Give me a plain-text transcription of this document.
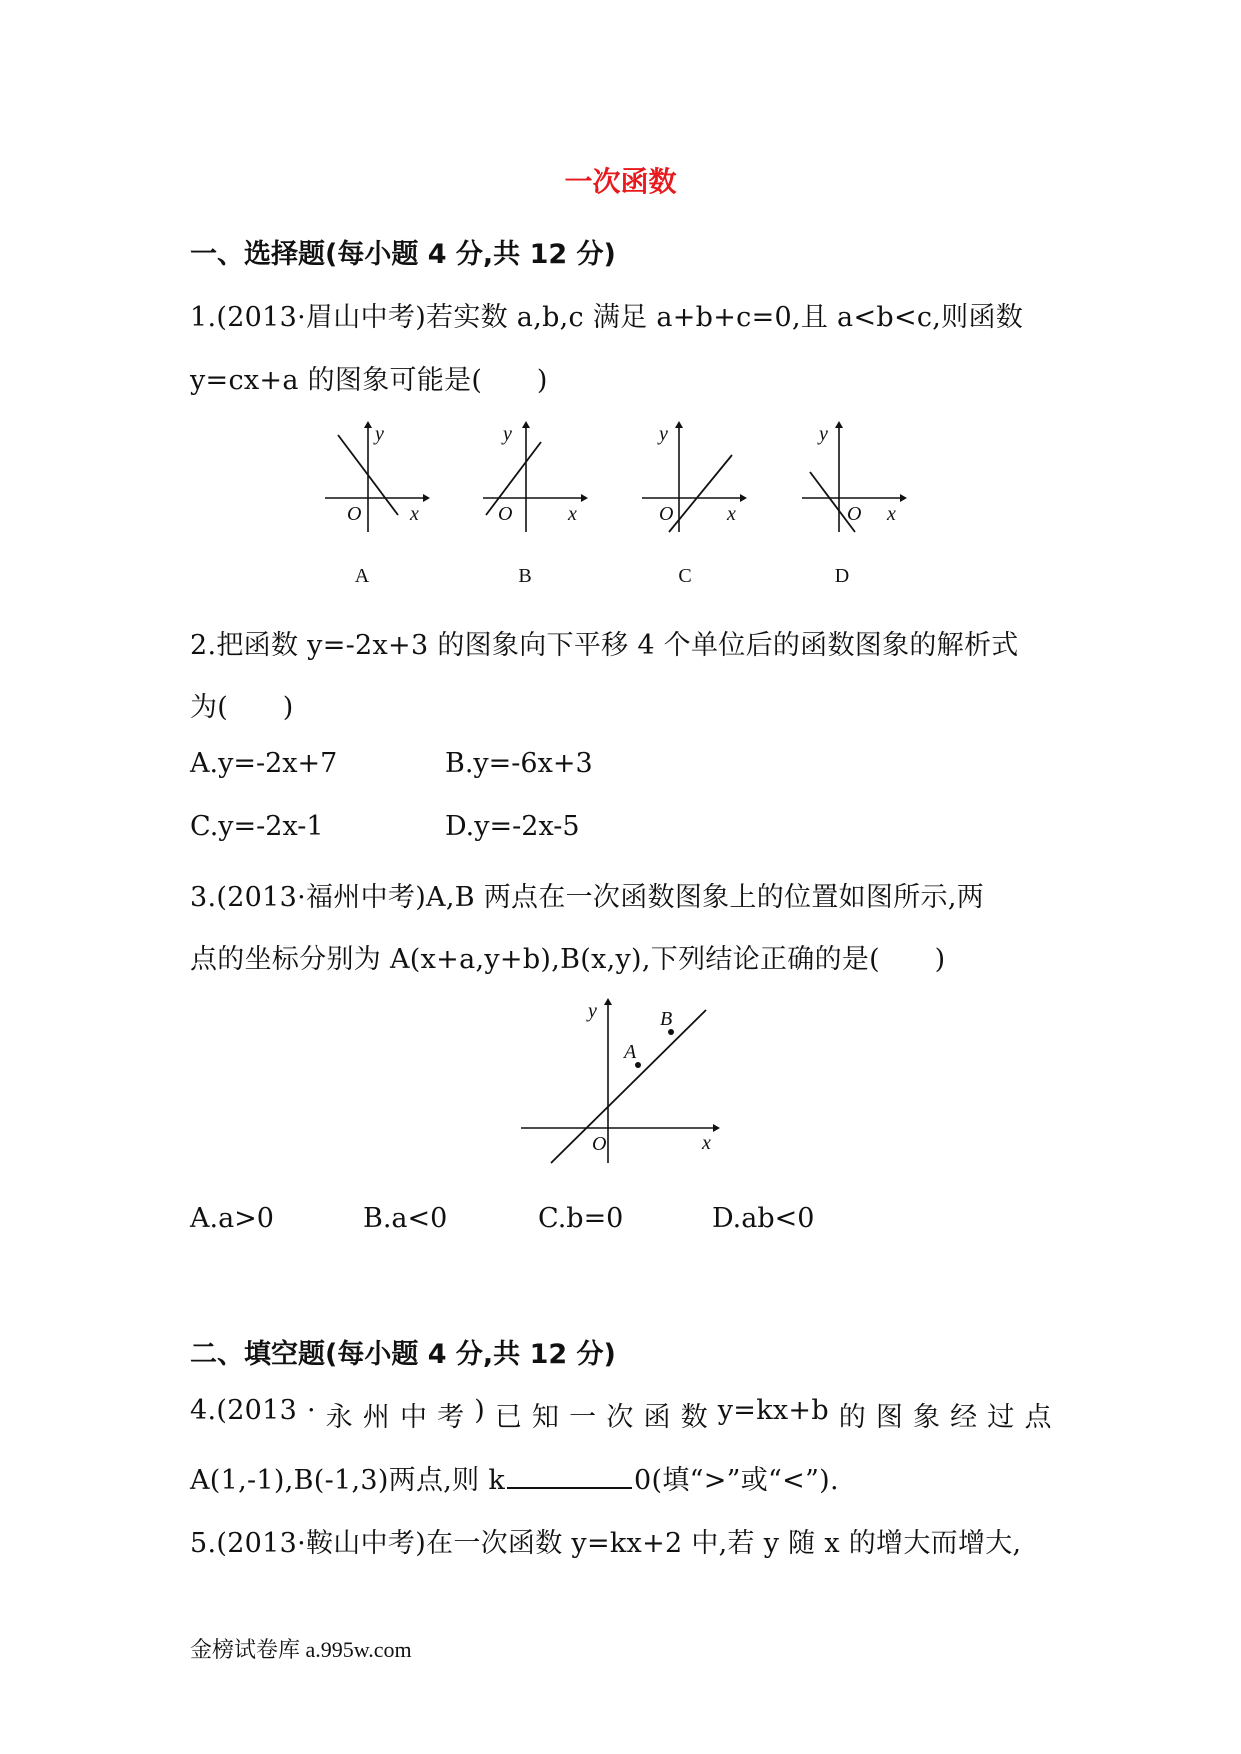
一次函数
一、选择题(每小题 4 分,共 12 分)
1.(2013·眉山中考)若实数 a,b,c 满足 a+b+c=0,且 a<b<c,则函数
y=cx+a 的图象可能是(　　)
y
x
O
A
y
x
O
B
y
x
O
C
y
x
O
D
2.把函数 y=-2x+3 的图象向下平移 4 个单位后的函数图象的解析式
为(　　)
A.y=-2x+7	B.y=-6x+3
C.y=-2x-1	D.y=-2x-5
3.(2013·福州中考)A,B 两点在一次函数图象上的位置如图所示,两
点的坐标分别为 A(x+a,y+b),B(x,y),下列结论正确的是(　　)
y
x
O
A
B
A.a>0	B.a<0	C.b=0	D.ab<0
二、填空题(每小题 4 分,共 12 分)
4.(2013 · 永 州 中 考 ) 已 知 一 次 函 数 y=kx+b 的 图 象 经 过 点
A(1,-1),B(-1,3)两点,则 k	0(填“>”或“<”).
5.(2013·鞍山中考)在一次函数 y=kx+2 中,若 y 随 x 的增大而增大,
金榜试卷库 a.995w.com
